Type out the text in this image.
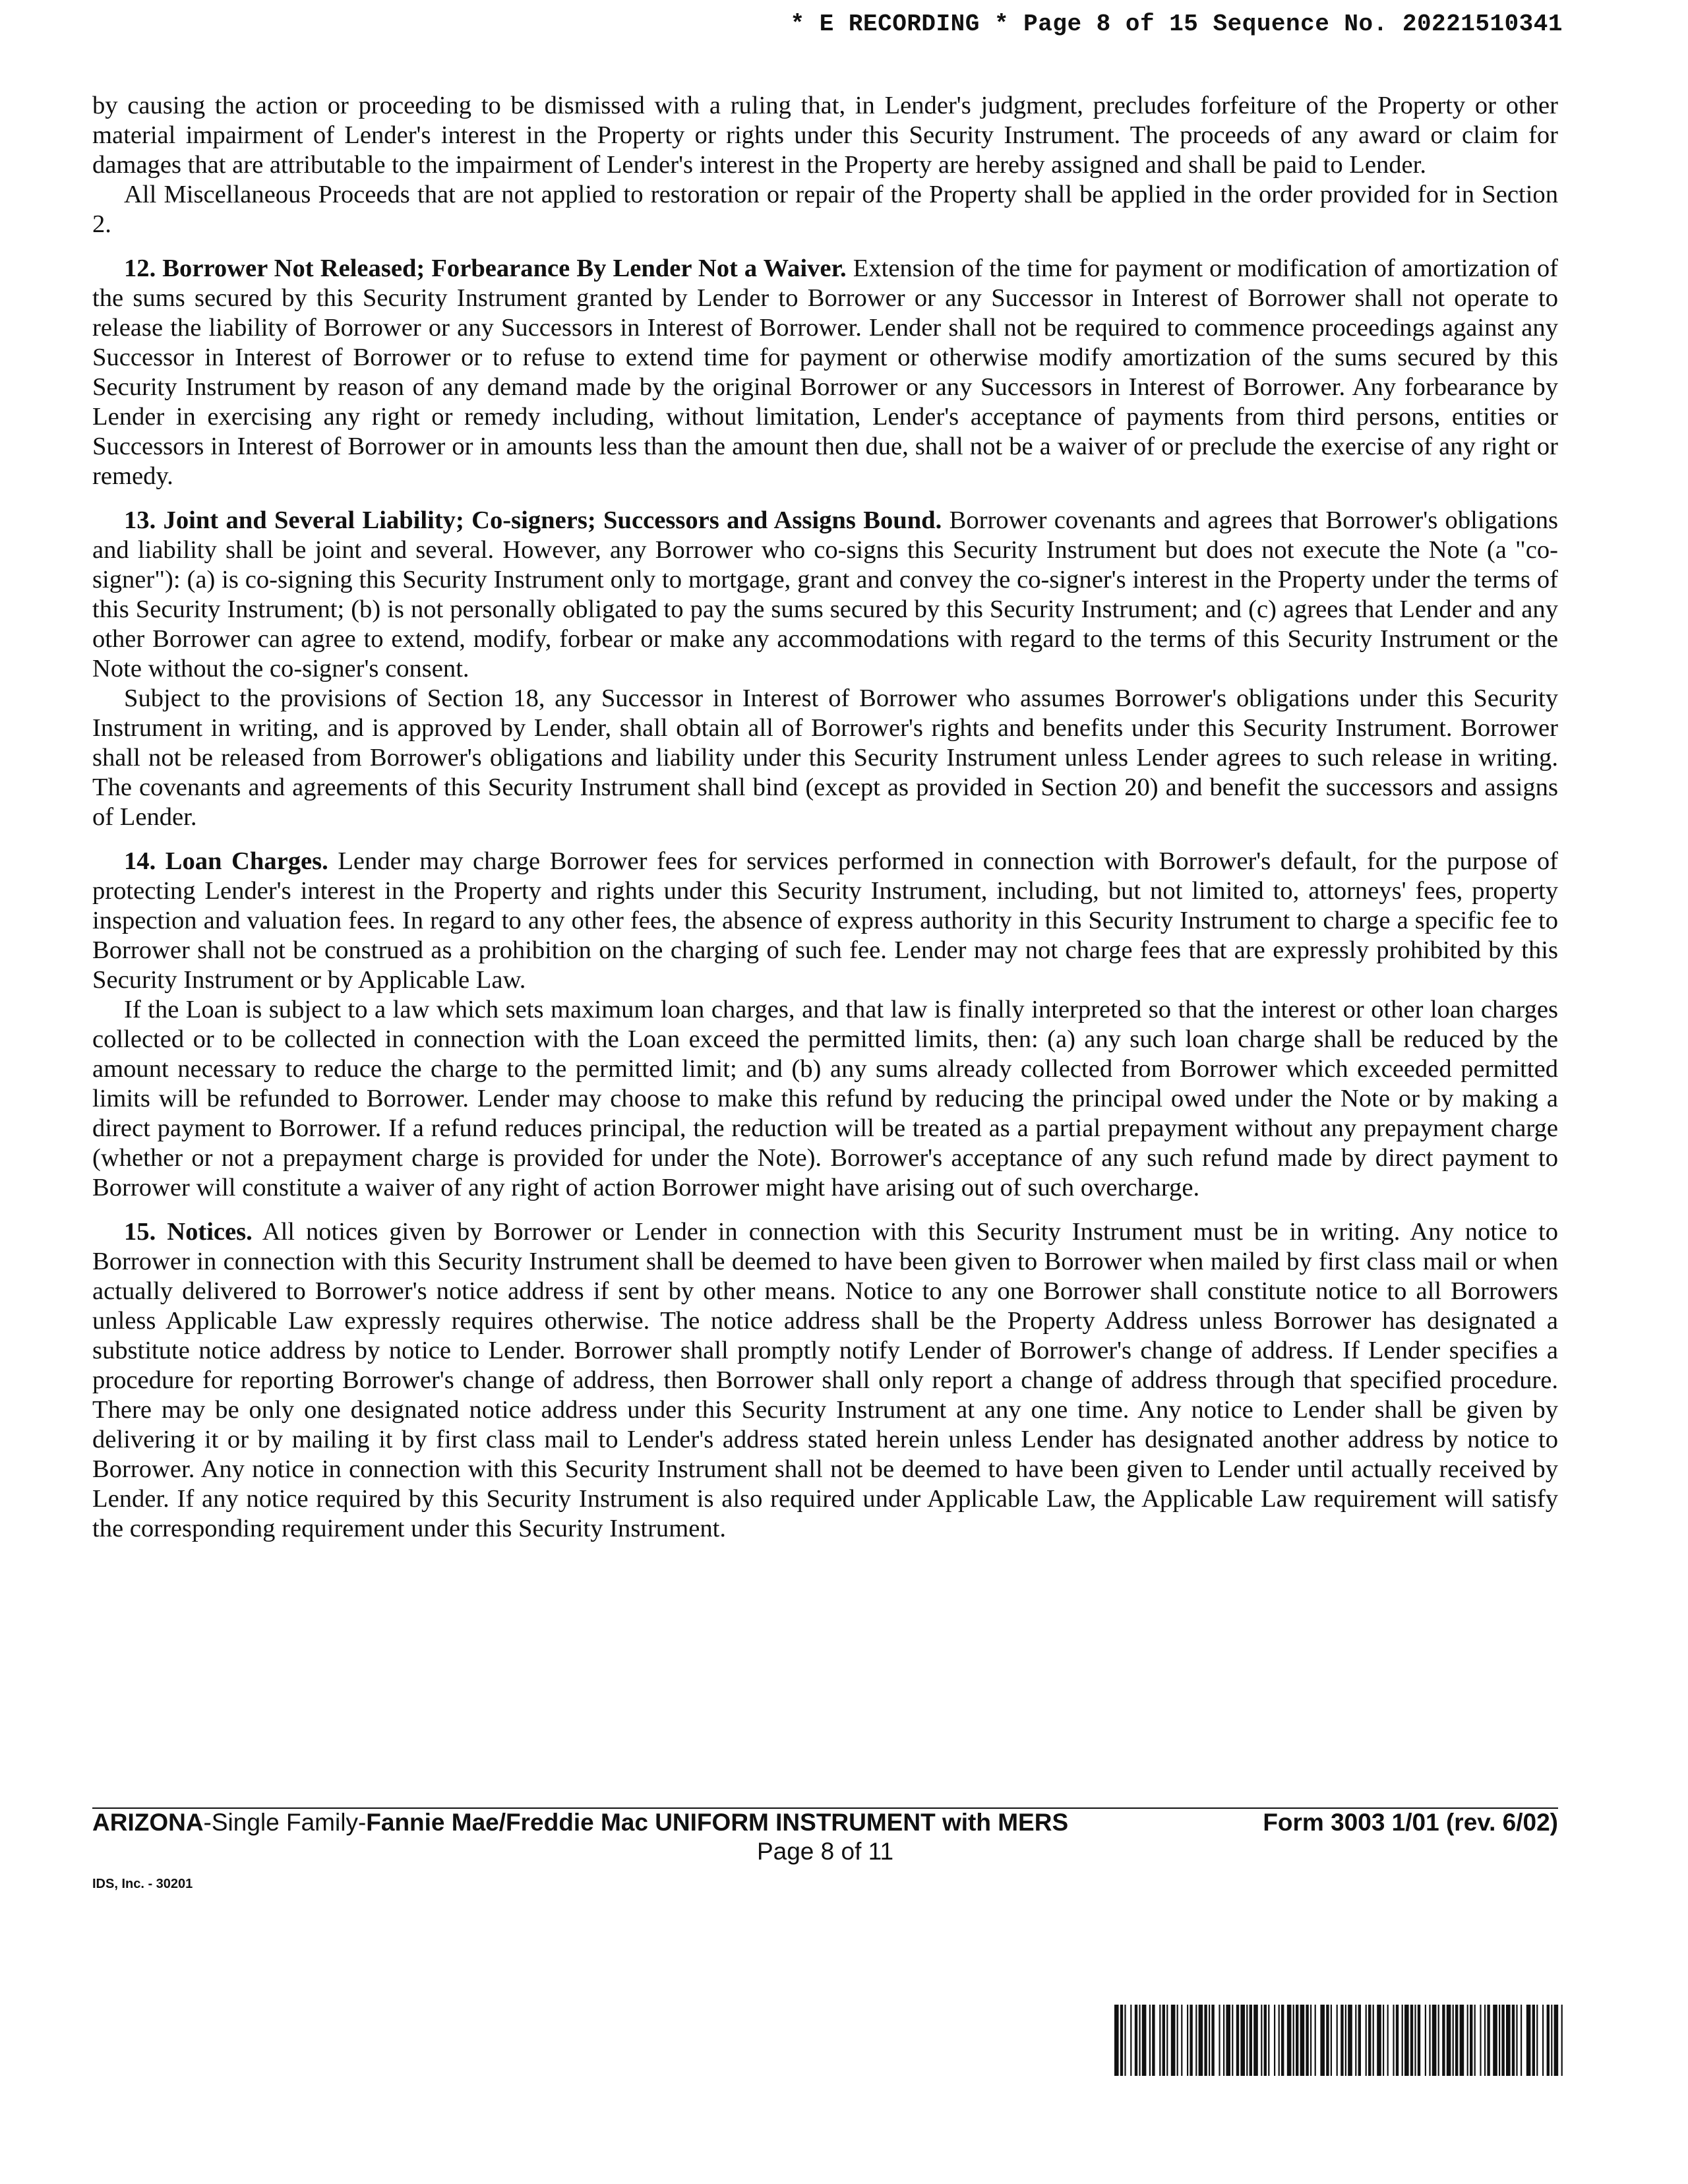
* E RECORDING * Page 8 of 15 Sequence No. 20221510341

by causing the action or proceeding to be dismissed with a ruling that, in Lender's judgment, precludes forfeiture of the Property or other material impairment of Lender's interest in the Property or rights under this Security Instrument. The proceeds of any award or claim for damages that are attributable to the impairment of Lender's interest in the Property are hereby assigned and shall be paid to Lender.

All Miscellaneous Proceeds that are not applied to restoration or repair of the Property shall be applied in the order provided for in Section 2.

12. Borrower Not Released; Forbearance By Lender Not a Waiver. Extension of the time for payment or modification of amortization of the sums secured by this Security Instrument granted by Lender to Borrower or any Successor in Interest of Borrower shall not operate to release the liability of Borrower or any Successors in Interest of Borrower. Lender shall not be required to commence proceedings against any Successor in Interest of Borrower or to refuse to extend time for payment or otherwise modify amortization of the sums secured by this Security Instrument by reason of any demand made by the original Borrower or any Successors in Interest of Borrower. Any forbearance by Lender in exercising any right or remedy including, without limitation, Lender's acceptance of payments from third persons, entities or Successors in Interest of Borrower or in amounts less than the amount then due, shall not be a waiver of or preclude the exercise of any right or remedy.

13. Joint and Several Liability; Co-signers; Successors and Assigns Bound. Borrower covenants and agrees that Borrower's obligations and liability shall be joint and several. However, any Borrower who co-signs this Security Instrument but does not execute the Note (a "co-signer"): (a) is co-signing this Security Instrument only to mortgage, grant and convey the co-signer's interest in the Property under the terms of this Security Instrument; (b) is not personally obligated to pay the sums secured by this Security Instrument; and (c) agrees that Lender and any other Borrower can agree to extend, modify, forbear or make any accommodations with regard to the terms of this Security Instrument or the Note without the co-signer's consent.

Subject to the provisions of Section 18, any Successor in Interest of Borrower who assumes Borrower's obligations under this Security Instrument in writing, and is approved by Lender, shall obtain all of Borrower's rights and benefits under this Security Instrument. Borrower shall not be released from Borrower's obligations and liability under this Security Instrument unless Lender agrees to such release in writing. The covenants and agreements of this Security Instrument shall bind (except as provided in Section 20) and benefit the successors and assigns of Lender.

14. Loan Charges. Lender may charge Borrower fees for services performed in connection with Borrower's default, for the purpose of protecting Lender's interest in the Property and rights under this Security Instrument, including, but not limited to, attorneys' fees, property inspection and valuation fees. In regard to any other fees, the absence of express authority in this Security Instrument to charge a specific fee to Borrower shall not be construed as a prohibition on the charging of such fee. Lender may not charge fees that are expressly prohibited by this Security Instrument or by Applicable Law.

If the Loan is subject to a law which sets maximum loan charges, and that law is finally interpreted so that the interest or other loan charges collected or to be collected in connection with the Loan exceed the permitted limits, then: (a) any such loan charge shall be reduced by the amount necessary to reduce the charge to the permitted limit; and (b) any sums already collected from Borrower which exceeded permitted limits will be refunded to Borrower. Lender may choose to make this refund by reducing the principal owed under the Note or by making a direct payment to Borrower. If a refund reduces principal, the reduction will be treated as a partial prepayment without any prepayment charge (whether or not a prepayment charge is provided for under the Note). Borrower's acceptance of any such refund made by direct payment to Borrower will constitute a waiver of any right of action Borrower might have arising out of such overcharge.

15. Notices. All notices given by Borrower or Lender in connection with this Security Instrument must be in writing. Any notice to Borrower in connection with this Security Instrument shall be deemed to have been given to Borrower when mailed by first class mail or when actually delivered to Borrower's notice address if sent by other means. Notice to any one Borrower shall constitute notice to all Borrowers unless Applicable Law expressly requires otherwise. The notice address shall be the Property Address unless Borrower has designated a substitute notice address by notice to Lender. Borrower shall promptly notify Lender of Borrower's change of address. If Lender specifies a procedure for reporting Borrower's change of address, then Borrower shall only report a change of address through that specified procedure. There may be only one designated notice address under this Security Instrument at any one time. Any notice to Lender shall be given by delivering it or by mailing it by first class mail to Lender's address stated herein unless Lender has designated another address by notice to Borrower. Any notice in connection with this Security Instrument shall not be deemed to have been given to Lender until actually received by Lender. If any notice required by this Security Instrument is also required under Applicable Law, the Applicable Law requirement will satisfy the corresponding requirement under this Security Instrument.

ARIZONA-Single Family-Fannie Mae/Freddie Mac UNIFORM INSTRUMENT with MERS	Form 3003 1/01 (rev. 6/02)
Page 8 of 11
IDS, Inc. - 30201
